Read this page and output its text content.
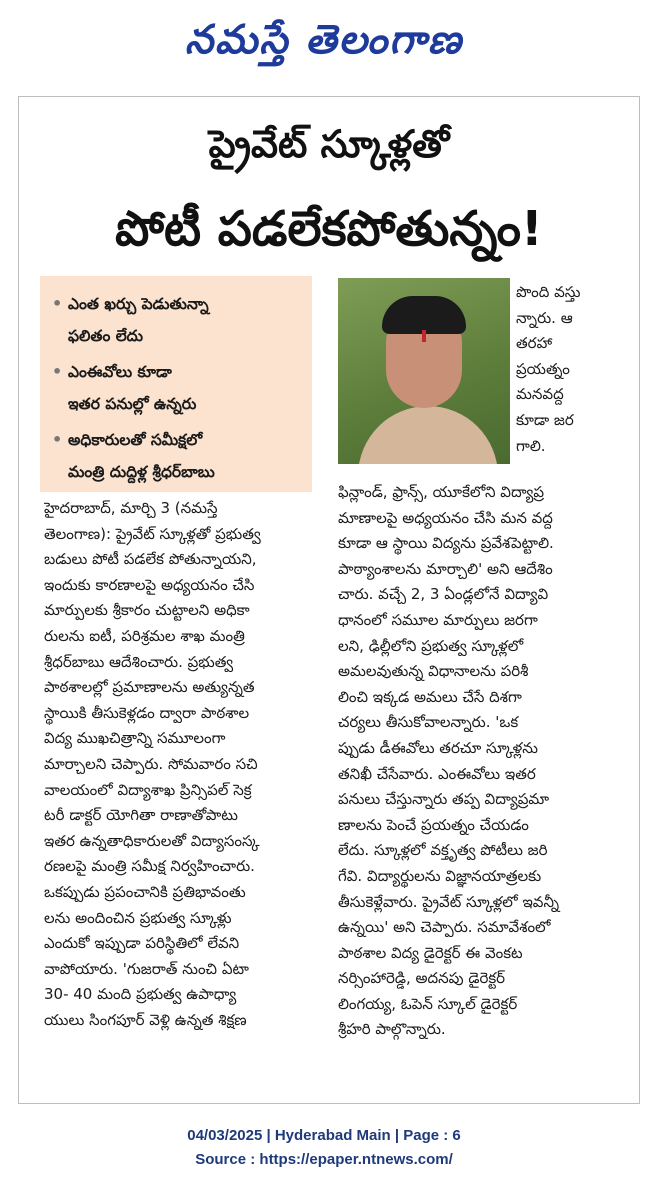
నమస్తే తెలంగాణ
ప్రైవేట్ స్కూళ్లతో
పోటీ పడలేకపోతున్నం!
• ఎంత ఖర్చు పెడుతున్నా
ఫలితం లేదు
• ఎంఈవోలు కూడా
ఇతర పనుల్లో ఉన్నరు
• అధికారులతో సమీక్షలో
మంత్రి దుద్దిళ్ల శ్రీధర్‌బాబు
పొంది వస్తు
న్నారు. ఆ
తరహా
ప్రయత్నం
మనవద్ద
కూడా జర
గాలి.
హైదరాబాద్, మార్చి 3 (నమస్తే
తెలంగాణ): ప్రైవేట్ స్కూళ్లతో ప్రభుత్వ
బడులు పోటీ పడలేక పోతున్నాయని,
ఇందుకు కారణాలపై అధ్యయనం చేసి
మార్పులకు శ్రీకారం చుట్టాలని అధికా
రులను ఐటీ, పరిశ్రమల శాఖ మంత్రి
శ్రీధర్‌బాబు ఆదేశించారు. ప్రభుత్వ
పాఠశాలల్లో ప్రమాణాలను అత్యున్నత
స్థాయికి తీసుకెళ్లడం ద్వారా పాఠశాల
విద్య ముఖచిత్రాన్ని సమూలంగా
మార్చాలని చెప్పారు. సోమవారం సచి
వాలయంలో విద్యాశాఖ ప్రిన్సిపల్ సెక్ర
టరీ డాక్టర్ యోగితా రాణాతోపాటు
ఇతర ఉన్నతాధికారులతో విద్యాసంస్క
రణలపై మంత్రి సమీక్ష నిర్వహించారు.
ఒకప్పుడు ప్రపంచానికి ప్రతిభావంతు
లను అందించిన ప్రభుత్వ స్కూళ్లు
ఎందుకో ఇప్పుడా పరిస్థితిలో లేవని
వాపోయారు. 'గుజరాత్ నుంచి ఏటా
30- 40 మంది ప్రభుత్వ ఉపాధ్యా
యులు సింగపూర్ వెళ్లి ఉన్నత శిక్షణ
ఫిన్లాండ్, ఫ్రాన్స్, యూకేలోని విద్యాప్ర
మాణాలపై అధ్యయనం చేసి మన వద్ద
కూడా ఆ స్థాయి విద్యను ప్రవేశపెట్టాలి.
పాఠ్యాంశాలను మార్చాలి' అని ఆదేశిం
చారు. వచ్చే 2, 3 ఏండ్లలోనే విద్యావి
ధానంలో సమూల మార్పులు జరగా
లని, ఢిల్లీలోని ప్రభుత్వ స్కూళ్లలో
అమలవుతున్న విధానాలను పరిశీ
లించి ఇక్కడ అమలు చేసే దిశగా
చర్యలు తీసుకోవాలన్నారు. 'ఒక
ప్పుడు డీఈవోలు తరచూ స్కూళ్లను
తనిఖీ చేసేవారు. ఎంఈవోలు ఇతర
పనులు చేస్తున్నారు తప్ప విద్యాప్రమా
ణాలను పెంచే ప్రయత్నం చేయడం
లేదు. స్కూళ్లలో వక్తృత్వ పోటీలు జరి
గేవి. విద్యార్థులను విజ్ఞానయాత్రలకు
తీసుకెళ్లేవారు. ప్రైవేట్ స్కూళ్లలో ఇవన్నీ
ఉన్నయి' అని చెప్పారు. సమావేశంలో
పాఠశాల విద్య డైరెక్టర్ ఈ వెంకట
నర్సింహారెడ్డి, అదనపు డైరెక్టర్
లింగయ్య, ఓపెన్ స్కూల్ డైరెక్టర్
శ్రీహరి పాల్గొన్నారు.
04/03/2025 | Hyderabad Main | Page : 6
Source : https://epaper.ntnews.com/
